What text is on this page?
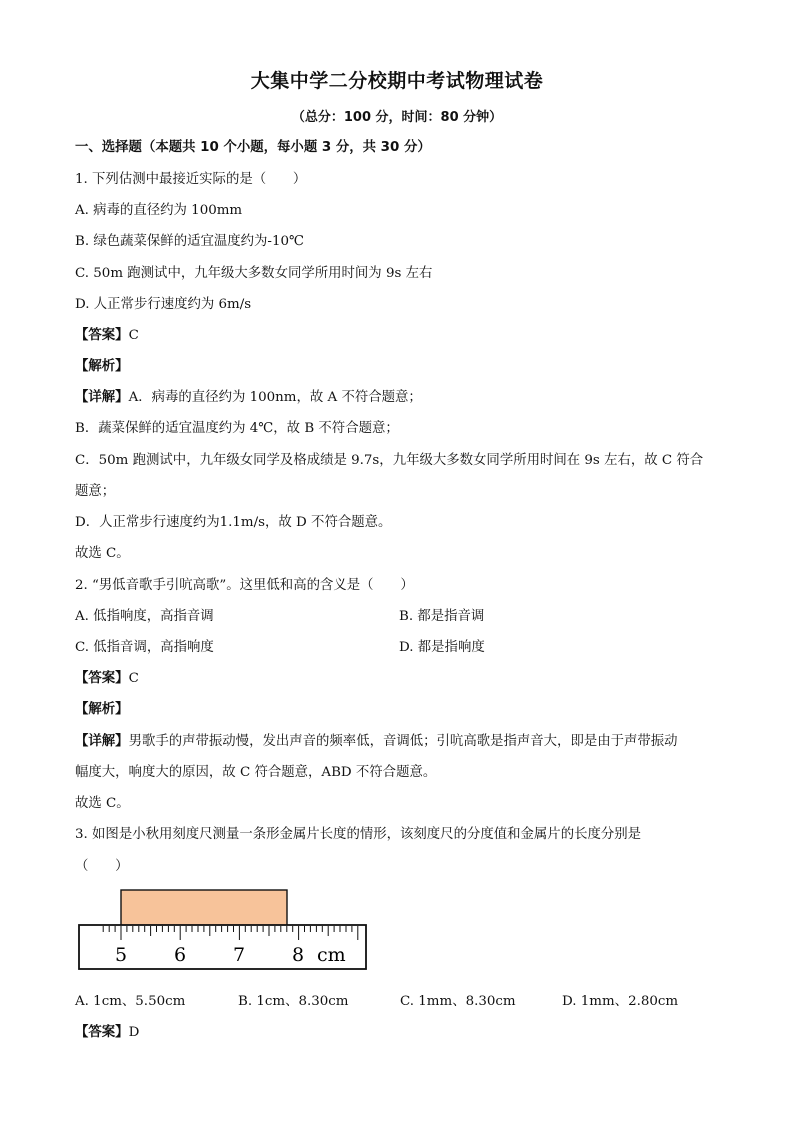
大集中学二分校期中考试物理试卷
（总分：100 分，时间：80 分钟）
一、选择题（本题共 10 个小题，每小题 3 分，共 30 分）
1. 下列估测中最接近实际的是（　　）
A. 病毒的直径约为 100mm
B. 绿色蔬菜保鲜的适宜温度约为-10℃
C. 50m 跑测试中，九年级大多数女同学所用时间为 9s 左右
D. 人正常步行速度约为 6m/s
【答案】C
【解析】
【详解】A．病毒的直径约为 100nm，故 A 不符合题意；
B．蔬菜保鲜的适宜温度约为 4℃，故 B 不符合题意；
C．50m 跑测试中，九年级女同学及格成绩是 9.7s，九年级大多数女同学所用时间在 9s 左右，故 C 符合
题意；
D．人正常步行速度约为1.1m/s，故 D 不符合题意。
故选 C。
2. “男低音歌手引吭高歌”。这里低和高的含义是（　　）
A. 低指响度，高指音调	B. 都是指音调
C. 低指音调，高指响度	D. 都是指响度
【答案】C
【解析】
【详解】男歌手的声带振动慢，发出声音的频率低，音调低；引吭高歌是指声音大，即是由于声带振动
幅度大，响度大的原因，故 C 符合题意，ABD 不符合题意。
故选 C。
3. 如图是小秋用刻度尺测量一条形金属片长度的情形，该刻度尺的分度值和金属片的长度分别是
（　　）
5 6 7 8 cm
A. 1cm、5.50cm	B. 1cm、8.30cm	C. 1mm、8.30cm	D. 1mm、2.80cm
【答案】D
